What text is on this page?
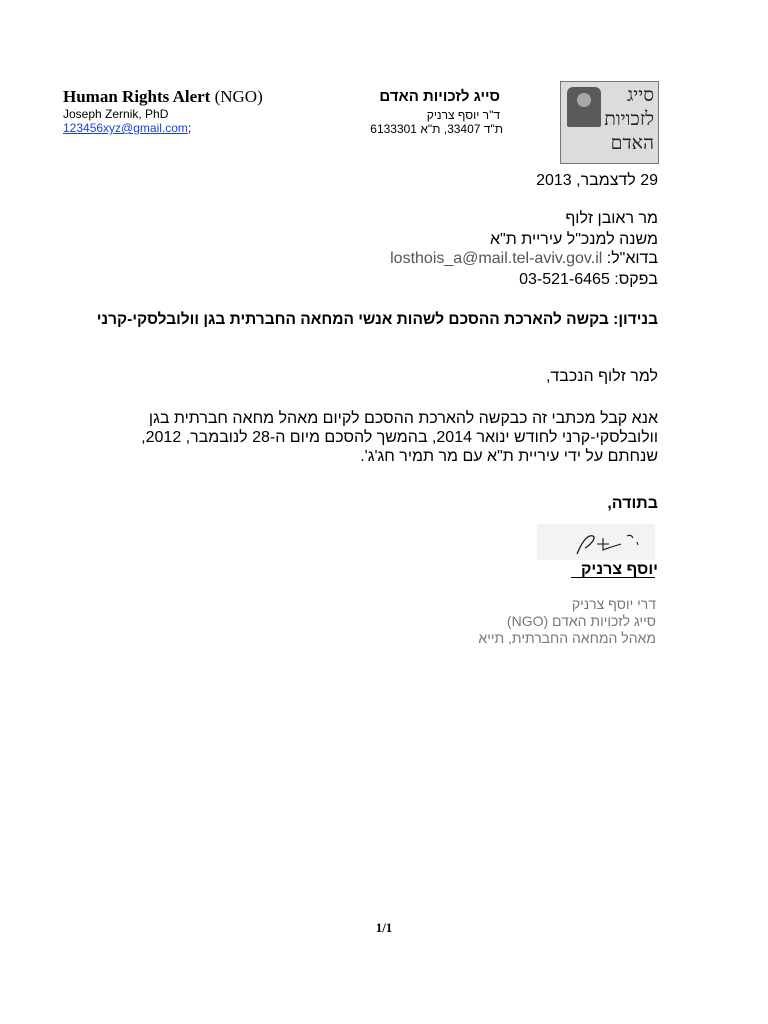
Human Rights Alert (NGO)
Joseph Zernik, PhD
123456xyz@gmail.com;
סייג לזכויות האדם
ד"ר יוסף צרניק
ת"ד 33407, ת"א 6133301
סייג
לזכויות
האדם
29 לדצמבר, 2013
מר ראובן זלוף
משנה למנכ"ל עיריית ת"א
בדוא"ל: losthois_a@mail.tel-aviv.gov.il
בפקס: 03-521-6465
בנידון: בקשה להארכת ההסכם לשהות אנשי המחאה החברתית בגן וולובלסקי-קרני
למר זלוף הנכבד,
אנא קבל מכתבי זה כבקשה להארכת ההסכם לקיום מאהל מחאה חברתית בגן וולובלסקי-קרני לחודש ינואר 2014, בהמשך להסכם מיום ה-28 לנובמבר, 2012, שנחתם על ידי עיריית ת"א עם מר תמיר חג'ג'.
בתודה,
יוסף צרניק
דרי יוסף צרניק
סייג לזכויות האדם (NGO)
מאהל המחאה החברתית, תייא
1/1
